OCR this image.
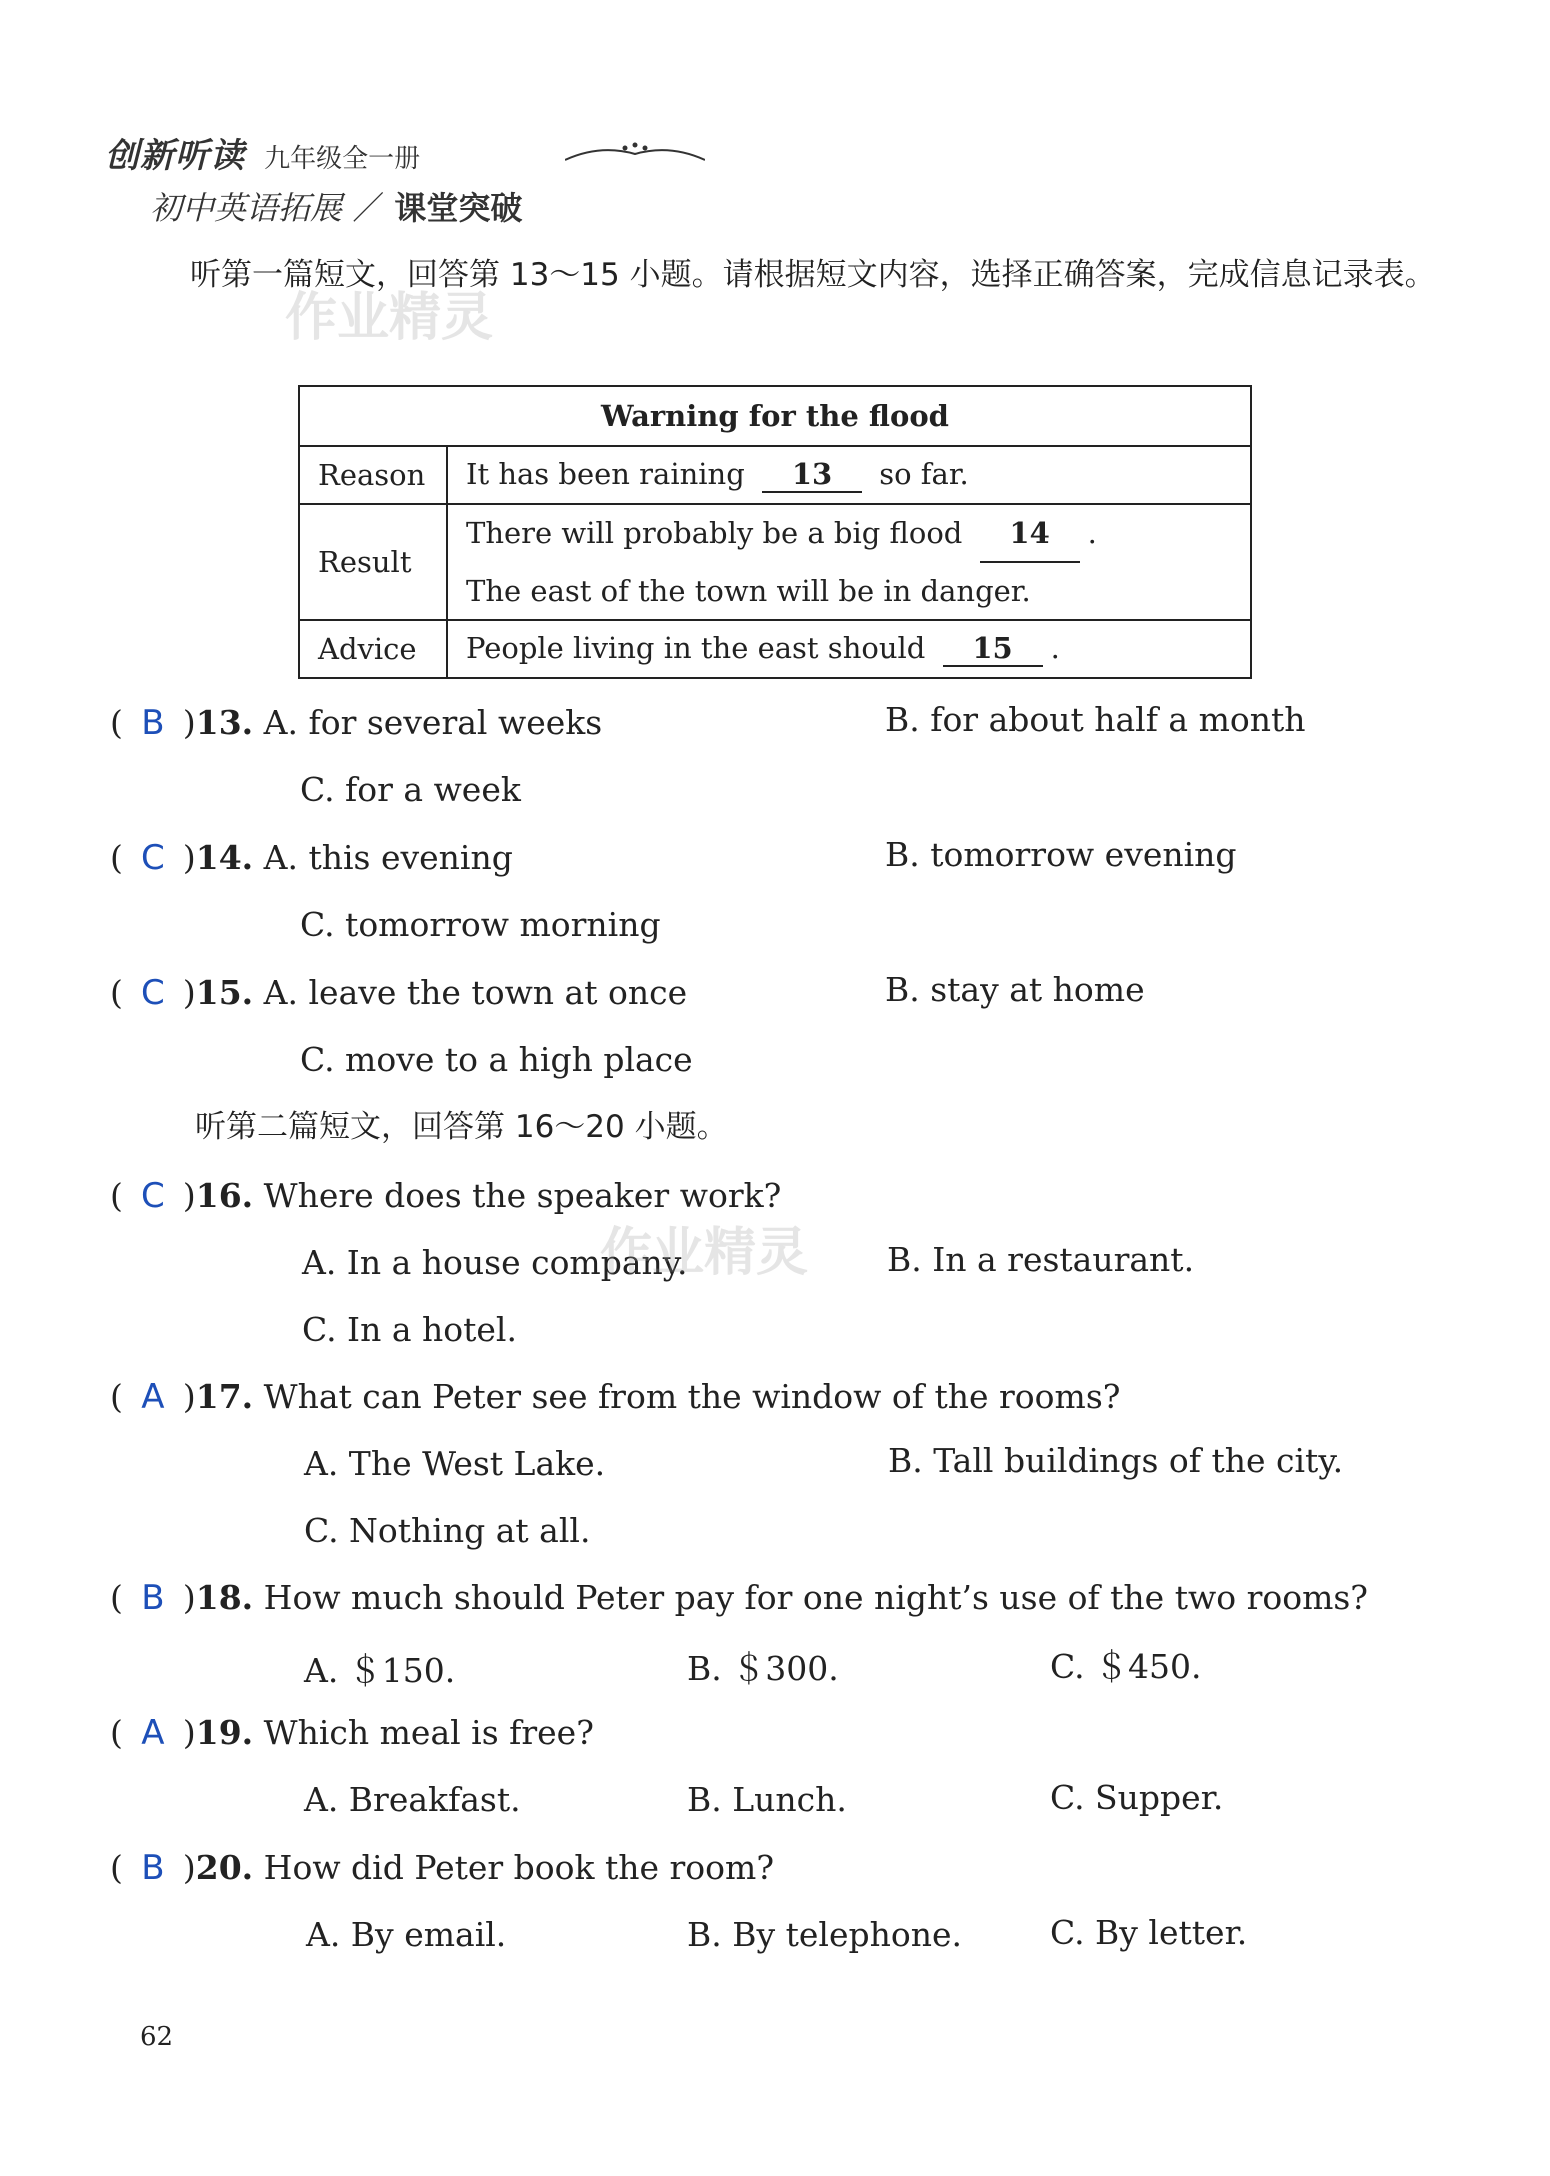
创新听读 九年级全一册
初中英语拓展 ／ 课堂突破
听第一篇短文，回答第 13～15 小题。请根据短文内容，选择正确答案，完成信息记录表。
Warning for the flood	
Reason	It has been raining 13 so far.
Result	There will probably be a big flood 14 .
The east of the town will be in danger.

Advice	People living in the east should 15 .
( B )13. A. for several weeks	B. for about half a month
C. for a week
( C )14. A. this evening	B. tomorrow evening
C. tomorrow morning
( C )15. A. leave the town at once	B. stay at home
C. move to a high place
听第二篇短文，回答第 16～20 小题。
( C )16. Where does the speaker work?
A. In a house company.	B. In a restaurant.
C. In a hotel.
( A )17. What can Peter see from the window of the rooms?
A. The West Lake.	B. Tall buildings of the city.
C. Nothing at all.
( B )18. How much should Peter pay for one night’s use of the two rooms?
A. ＄150.	B. ＄300.	C. ＄450.
( A )19. Which meal is free?
A. Breakfast.	B. Lunch.	C. Supper.
( B )20. How did Peter book the room?
A. By email.	B. By telephone.	C. By letter.
作业精灵
作业精灵
62
